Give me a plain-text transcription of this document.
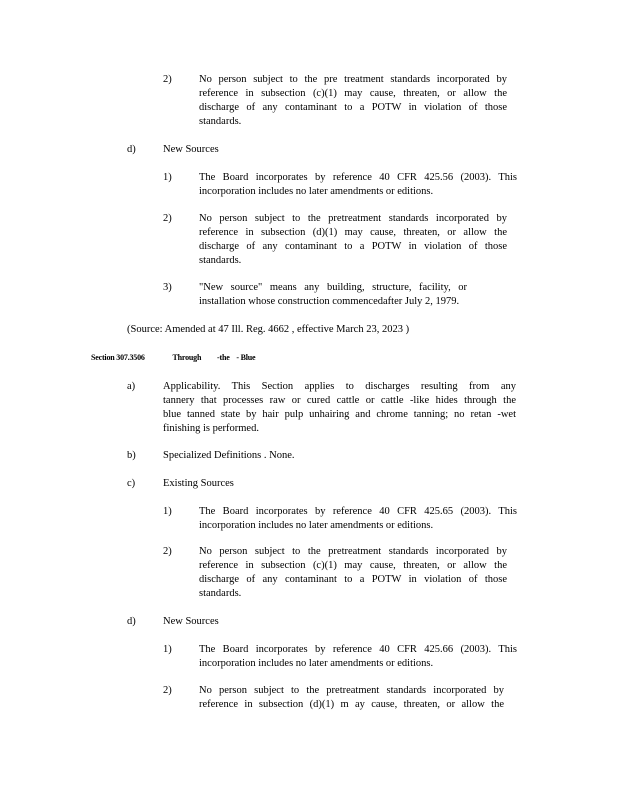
2)	No person subject to the pre treatment standards incorporated by

reference in subsection (c)(1) may cause, threaten, or allow the

discharge of any contaminant to a POTW in violation of those

standards.

d)	New Sources
1)	The Board incorporates by reference 40 CFR 425.56 (2003). This

incorporation includes no later amendments or editions.

2)	No person subject to the pretreatment standards incorporated by

reference in subsection (d)(1) may cause, threaten, or allow the

discharge of any contaminant to a POTW in violation of those

standards.

3)	"New source" means any building, structure, facility, or

installation whose construction commencedafter July 2, 1979.

(Source: Amended at 47 Ill. Reg. 4662 , effective March 23, 2023 )
Section 307.3506	Through -the - Blue
a)	Applicability. This Section applies to discharges resulting from any

tannery that processes raw or cured cattle or cattle -like hides through the

blue tanned state by hair pulp unhairing and chrome tanning; no retan -wet

finishing is performed.

b)	Specialized Definitions . None.
c)	Existing Sources
1)	The Board incorporates by reference 40 CFR 425.65 (2003). This

incorporation includes no later amendments or editions.

2)	No person subject to the pretreatment standards incorporated by

reference in subsection (c)(1) may cause, threaten, or allow the

discharge of any contaminant to a POTW in violation of those

standards.

d)	New Sources
1)	The Board incorporates by reference 40 CFR 425.66 (2003). This

incorporation includes no later amendments or editions.

2)	No person subject to the pretreatment standards incorporated by

reference in subsection (d)(1) m ay cause, threaten, or allow the
